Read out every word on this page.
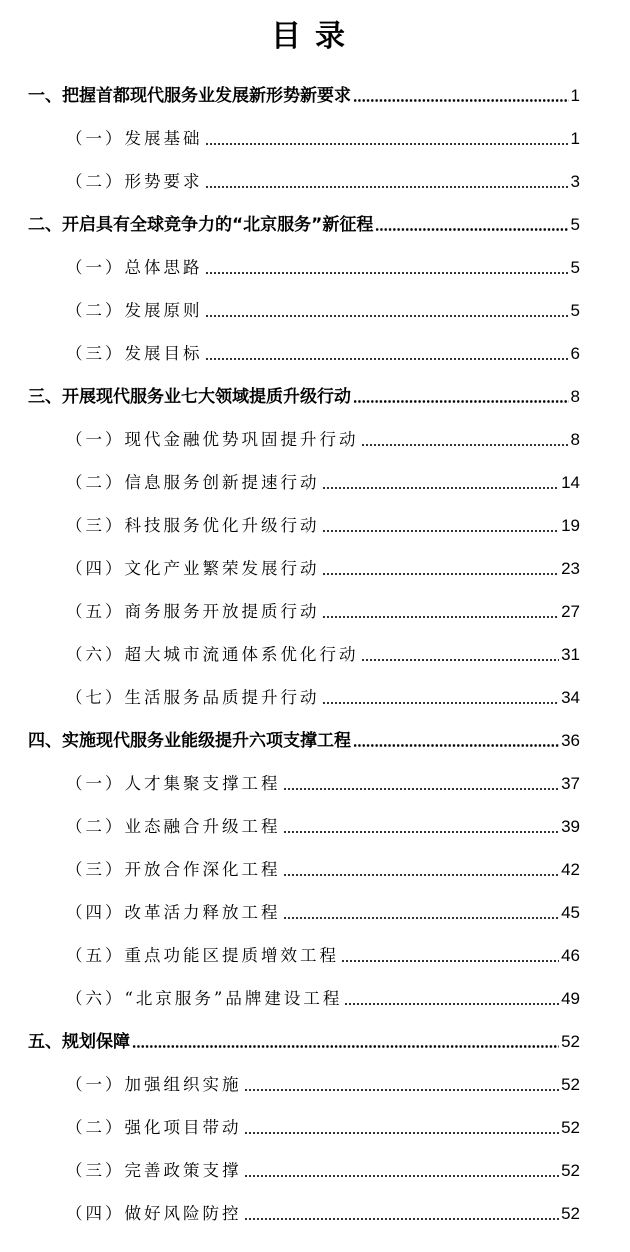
目录
一、把握首都现代服务业发展新形势新要求	1
（一）发展基础	1
（二）形势要求	3
二、开启具有全球竞争力的“北京服务”新征程	5
（一）总体思路	5
（二）发展原则	5
（三）发展目标	6
三、开展现代服务业七大领域提质升级行动	8
（一）现代金融优势巩固提升行动	8
（二）信息服务创新提速行动	14
（三）科技服务优化升级行动	19
（四）文化产业繁荣发展行动	23
（五）商务服务开放提质行动	27
（六）超大城市流通体系优化行动	31
（七）生活服务品质提升行动	34
四、实施现代服务业能级提升六项支撑工程	36
（一）人才集聚支撑工程	37
（二）业态融合升级工程	39
（三）开放合作深化工程	42
（四）改革活力释放工程	45
（五）重点功能区提质增效工程	46
（六）“北京服务”品牌建设工程	49
五、规划保障	52
（一）加强组织实施	52
（二）强化项目带动	52
（三）完善政策支撑	52
（四）做好风险防控	52
